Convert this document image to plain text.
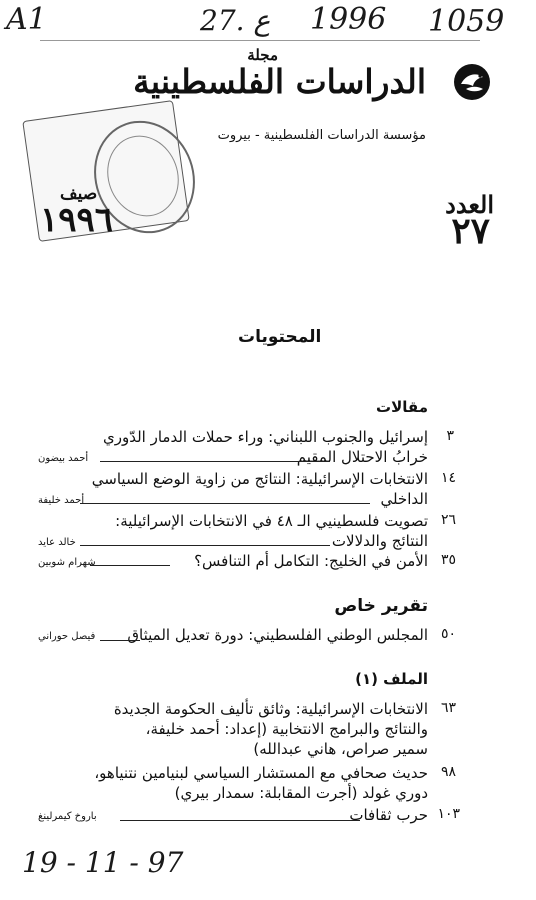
A1	27. ع 1996 1059
مجلة
الدراسات الفلسطينية
مؤسسة الدراسات الفلسطينية - بيروت
صيف
١٩٩٦	العدد
٢٧
المحتويات
مقالات
٣
إسرائيل والجنوب اللبناني: وراء حملات الدمار الدّوري
خرابُ الاحتلال المقيم
أحمد بيضون
١٤
الانتخابات الإسرائيلية: النتائج من زاوية الوضع السياسي
الداخلي
أحمد خليفة
٢٦
تصويت فلسطينيي الـ ٤٨ في الانتخابات الإسرائيلية:
النتائج والدلالات
خالد عايد
٣٥
الأمن في الخليج: التكامل أم التنافس؟
شهرام شوبين
تقرير خاص
٥٠
المجلس الوطني الفلسطيني: دورة تعديل الميثاق
فيصل حوراني
الملف (١)
٦٣
الانتخابات الإسرائيلية: وثائق تأليف الحكومة الجديدة
والنتائج والبرامج الانتخابية (إعداد: أحمد خليفة،
سمير صراص، هاني عبدالله)
٩٨
حديث صحافي مع المستشار السياسي لبنيامين نتنياهو،
دوري غولد (أجرت المقابلة: سمدار بيري)
١٠٣
حرب ثقافات
باروخ كيمرلينغ
19 - 11 - 97
